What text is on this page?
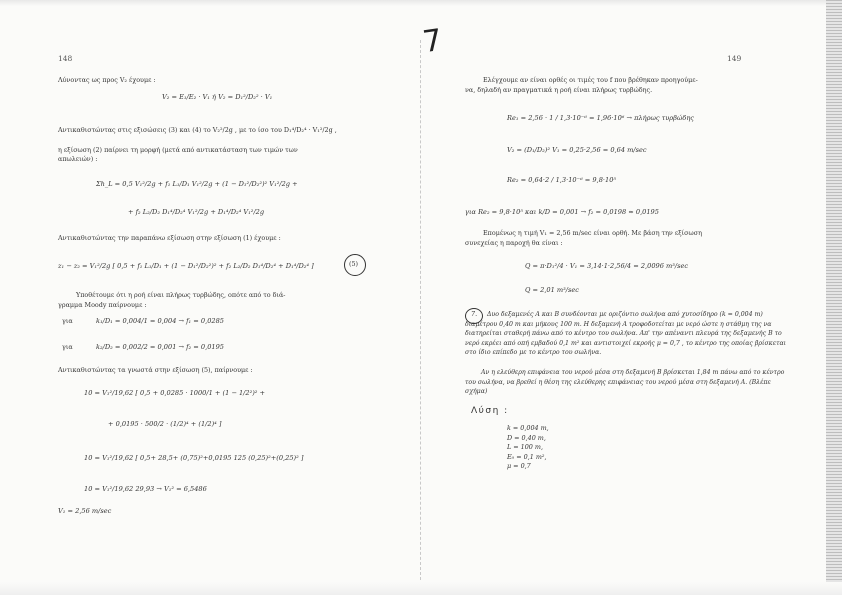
148
Λύνοντας ως προς V₂ έχουμε :
V₂ = E₁/E₂ · V₁ ή V₂ = D₁²/D₂² · V₁
Αντικαθιστώντας στις εξισώσεις (3) και (4) το V₂²/2g , με το ίσο του D₁⁴/D₂⁴ · V₁²/2g ,
η εξίσωση (2) παίρνει τη μορφή (μετά από αντικατάσταση των τιμών των
απωλειών) :
Σh_L = 0,5 V₁²/2g + f₁ L₁/D₁ V₁²/2g + (1 − D₁²/D₂²)² V₁²/2g +
+ f₂ L₂/D₂ D₁⁴/D₂⁴ V₁²/2g + D₁⁴/D₂⁴ V₁²/2g
Αντικαθιστώντας την παραπάνω εξίσωση στην εξίσωση (1) έχουμε :
z₁ − z₂ = V₁²/2g [ 0,5 + f₁ L₁/D₁ + (1 − D₁²/D₂²)² + f₂ L₂/D₂ D₁⁴/D₂⁴ + D₁⁴/D₂⁴ ]	(5)
Υποθέτουμε ότι η ροή είναι πλήρως τυρβώδης, οπότε από το διά-
γραμμα Moody παίρνουμε :
για	k₁/D₁ = 0,004/1 = 0,004 → f₁ = 0,0285
για	k₂/D₂ = 0,002/2 = 0,001 → f₂ = 0,0195
Αντικαθιστώντας τα γνωστά στην εξίσωση (5), παίρνουμε :
10 = V₁²/19,62 [ 0,5 + 0,0285 · 1000/1 + (1 − 1/2²)² +
+ 0,0195 · 500/2 · (1/2)⁴ + (1/2)⁴ ]
10 = V₁²/19,62 [ 0,5+ 28,5+ (0,75)²+0,0195 125 (0,25)²+(0,25)² ]
10 = V₁²/19,62 29,93 → V₁² = 6,5486
V₁ = 2,56 m/sec
7	149
Ελέγχουμε αν είναι ορθές οι τιμές του f που βρέθηκαν προηγούμε-
να, δηλαδή αν πραγματικά η ροή είναι πλήρως τυρβώδης.
Re₁ = 2,56 · 1 / 1,3·10⁻⁶ = 1,96·10⁶ → πλήρως τυρβώδης
V₂ = (D₁/D₂)² V₁ = 0,25·2,56 = 0,64 m/sec
Re₂ = 0,64·2 / 1,3·10⁻⁶ = 9,8·10⁵
για Re₂ = 9,8·10⁵ και k/D = 0,001 → f₂ = 0,0198 ≈ 0,0195
Επομένως η τιμή V₁ = 2,56 m/sec είναι ορθή. Με βάση την εξίσωση
συνεχείας η παροχή θα είναι :
Q = π·D₁²/4 · V₁ = 3,14·1·2,56/4 = 2,0096 m³/sec
Q = 2,01 m³/sec
7.	Δυο δεξαμενές Α και Β συνδέονται με οριζόντιο σωλήνα από χυτοσίδηρο (k = 0,004 m) διαμέτρου 0,40 m και μήκους 100 m. Η δεξαμενή Α τροφοδοτείται με νερό ώστε η στάθμη της να διατηρείται σταθερή πάνω από το κέντρο του σωλήνα. Απ' την απέναντι πλευρά της δεξαμενής Β το νερό εκρέει από οπή εμβαδού 0,1 m² και αντιστοιχεί εκροής μ = 0,7 , το κέντρο της οποίας βρίσκεται στο ίδιο επίπεδο με το κέντρο του σωλήνα.
Αν η ελεύθερη επιφάνεια του νερού μέσα στη δεξαμενή Β βρίσκεται 1,84 m πάνω από το κέντρο του σωλήνα, να βρεθεί η θέση της ελεύθερης επιφάνειας του νερού μέσα στη δεξαμενή Α. (Βλέπε σχήμα)
Λύση :
k = 0,004 m,
D = 0,40 m,
L = 100 m,
E₀ = 0,1 m²,
μ = 0,7
